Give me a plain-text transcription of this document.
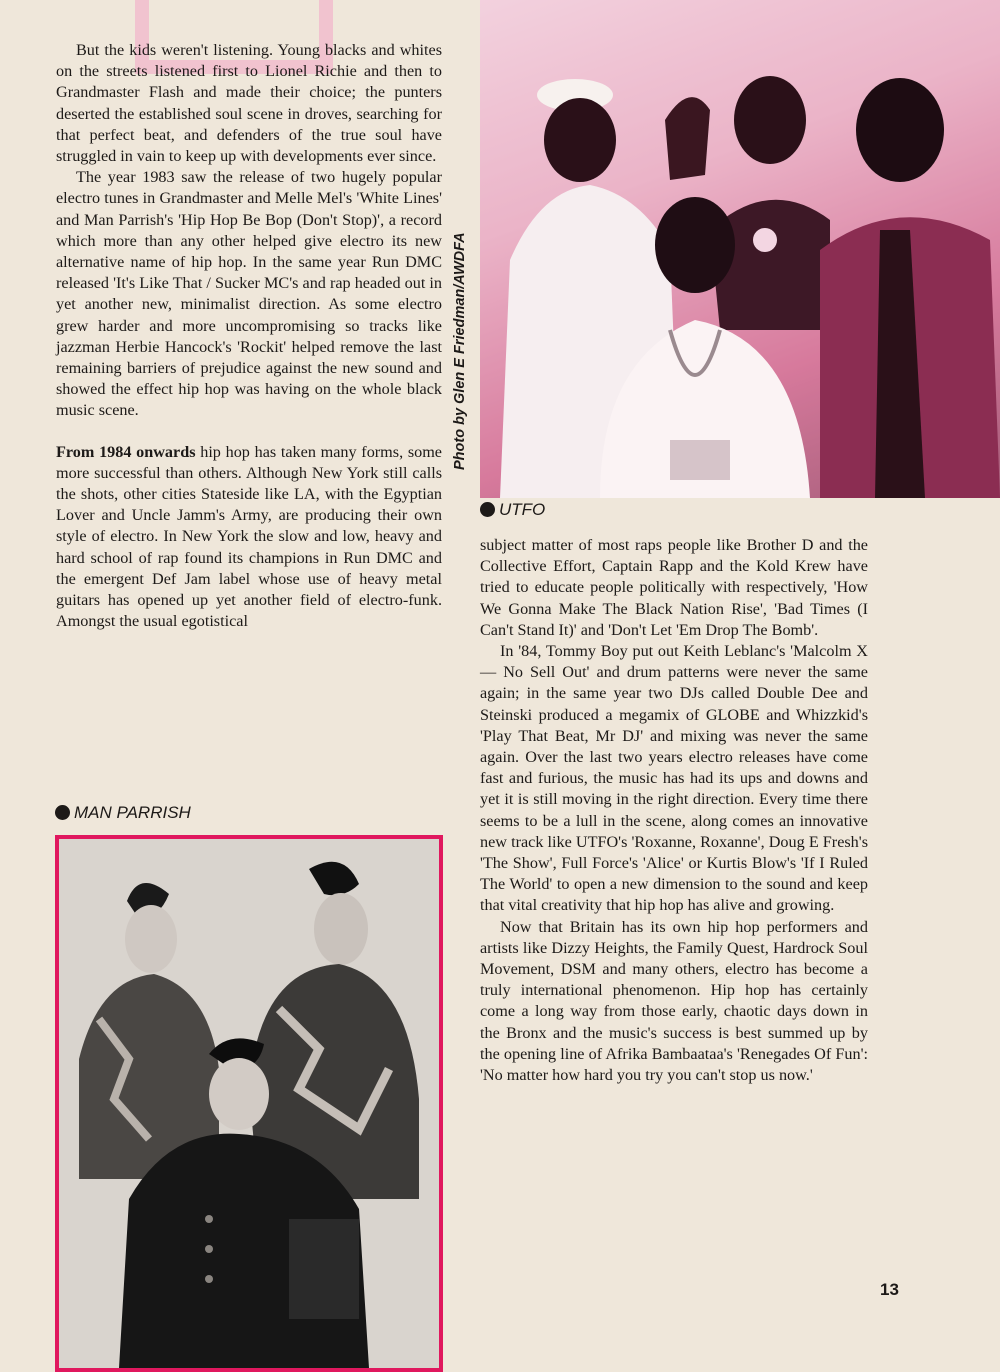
But the kids weren't listening. Young blacks and whites on the streets listened first to Lionel Richie and then to Grandmaster Flash and made their choice; the punters deserted the established soul scene in droves, searching for that perfect beat, and defenders of the true soul have struggled in vain to keep up with developments ever since.

The year 1983 saw the release of two hugely popular electro tunes in Grandmaster and Melle Mel's 'White Lines' and Man Parrish's 'Hip Hop Be Bop (Don't Stop)', a record which more than any other helped give electro its new alternative name of hip hop. In the same year Run DMC released 'It's Like That / Sucker MC's and rap headed out in yet another new, minimalist direction. As some electro grew harder and more uncompromising so tracks like jazzman Herbie Hancock's 'Rockit' helped remove the last remaining barriers of prejudice against the new sound and showed the effect hip hop was having on the whole black music scene.

From 1984 onwards hip hop has taken many forms, some more successful than others. Although New York still calls the shots, other cities Stateside like LA, with the Egyptian Lover and Uncle Jamm's Army, are producing their own style of electro. In New York the slow and low, heavy and hard school of rap found its champions in Run DMC and the emergent Def Jam label whose use of heavy metal guitars has opened up yet another field of electro-funk. Amongst the usual egotistical

Photo by Glen E Friedman/AWDFA
UTFO

subject matter of most raps people like Brother D and the Collective Effort, Captain Rapp and the Kold Krew have tried to educate people politically with respectively, 'How We Gonna Make The Black Nation Rise', 'Bad Times (I Can't Stand It)' and 'Don't Let 'Em Drop The Bomb'.

In '84, Tommy Boy put out Keith Leblanc's 'Malcolm X — No Sell Out' and drum patterns were never the same again; in the same year two DJs called Double Dee and Steinski produced a megamix of GLOBE and Whizzkid's 'Play That Beat, Mr DJ' and mixing was never the same again. Over the last two years electro releases have come fast and furious, the music has had its ups and downs and yet it is still moving in the right direction. Every time there seems to be a lull in the scene, along comes an innovative new track like UTFO's 'Roxanne, Roxanne', Doug E Fresh's 'The Show', Full Force's 'Alice' or Kurtis Blow's 'If I Ruled The World' to open a new dimension to the sound and keep that vital creativity that hip hop has alive and growing.

Now that Britain has its own hip hop performers and artists like Dizzy Heights, the Family Quest, Hardrock Soul Movement, DSM and many others, electro has become a truly international phenomenon. Hip hop has certainly come a long way from those early, chaotic days down in the Bronx and the music's success is best summed up by the opening line of Afrika Bambaataa's 'Renegades Of Fun': 'No matter how hard you try you can't stop us now.'

MAN PARRISH
13
